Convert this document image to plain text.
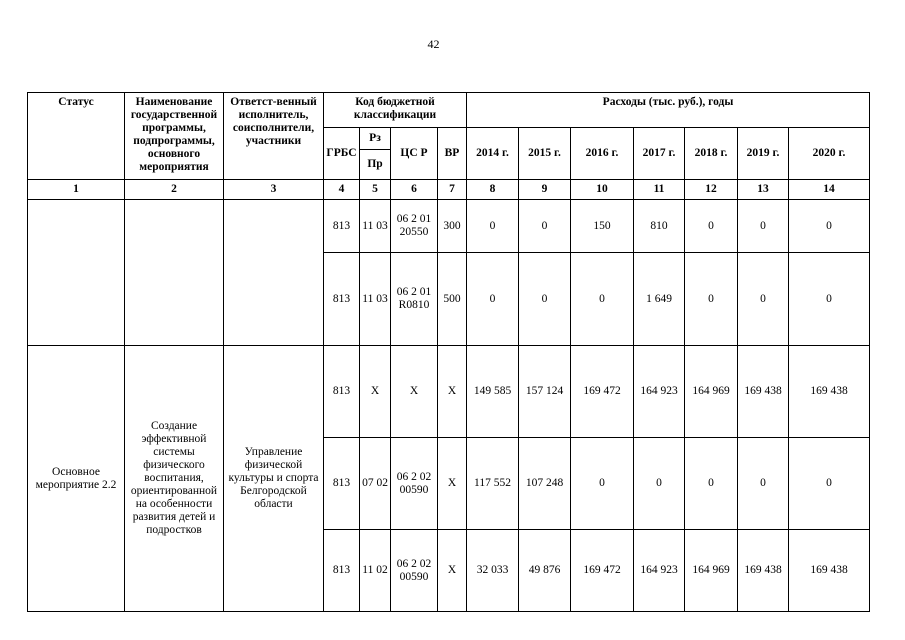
42
Статус	Наименование государственной программы, подпрограммы, основного мероприятия	Ответст-венный исполнитель, соисполнители, участники	Код бюджетной классификации				Расходы (тыс. руб.), годы						
			ГРБС	Рз	ЦС Р	ВР	2014 г.	2015 г.	2016 г.	2017 г.	2018 г.	2019 г.	2020 г.
				Пр									
1	2	3	4	5	6	7	8	9	10	11	12	13	14
			813	11 03	06 2 01 20550	300	0	0	150	810	0	0	0
			813	11 03	06 2 01 R0810	500	0	0	0	1 649	0	0	0
Основное мероприятие 2.2	Создание эффективной системы физического воспитания, ориентированной на особенности развития детей и подростков	Управление физической культуры и спорта Белгородской области	813	X	X	X	149 585	157 124	169 472	164 923	164 969	169 438	169 438
			813	07 02	06 2 02 00590	X	117 552	107 248	0	0	0	0	0
			813	11 02	06 2 02 00590	X	32 033	49 876	169 472	164 923	164 969	169 438	169 438
